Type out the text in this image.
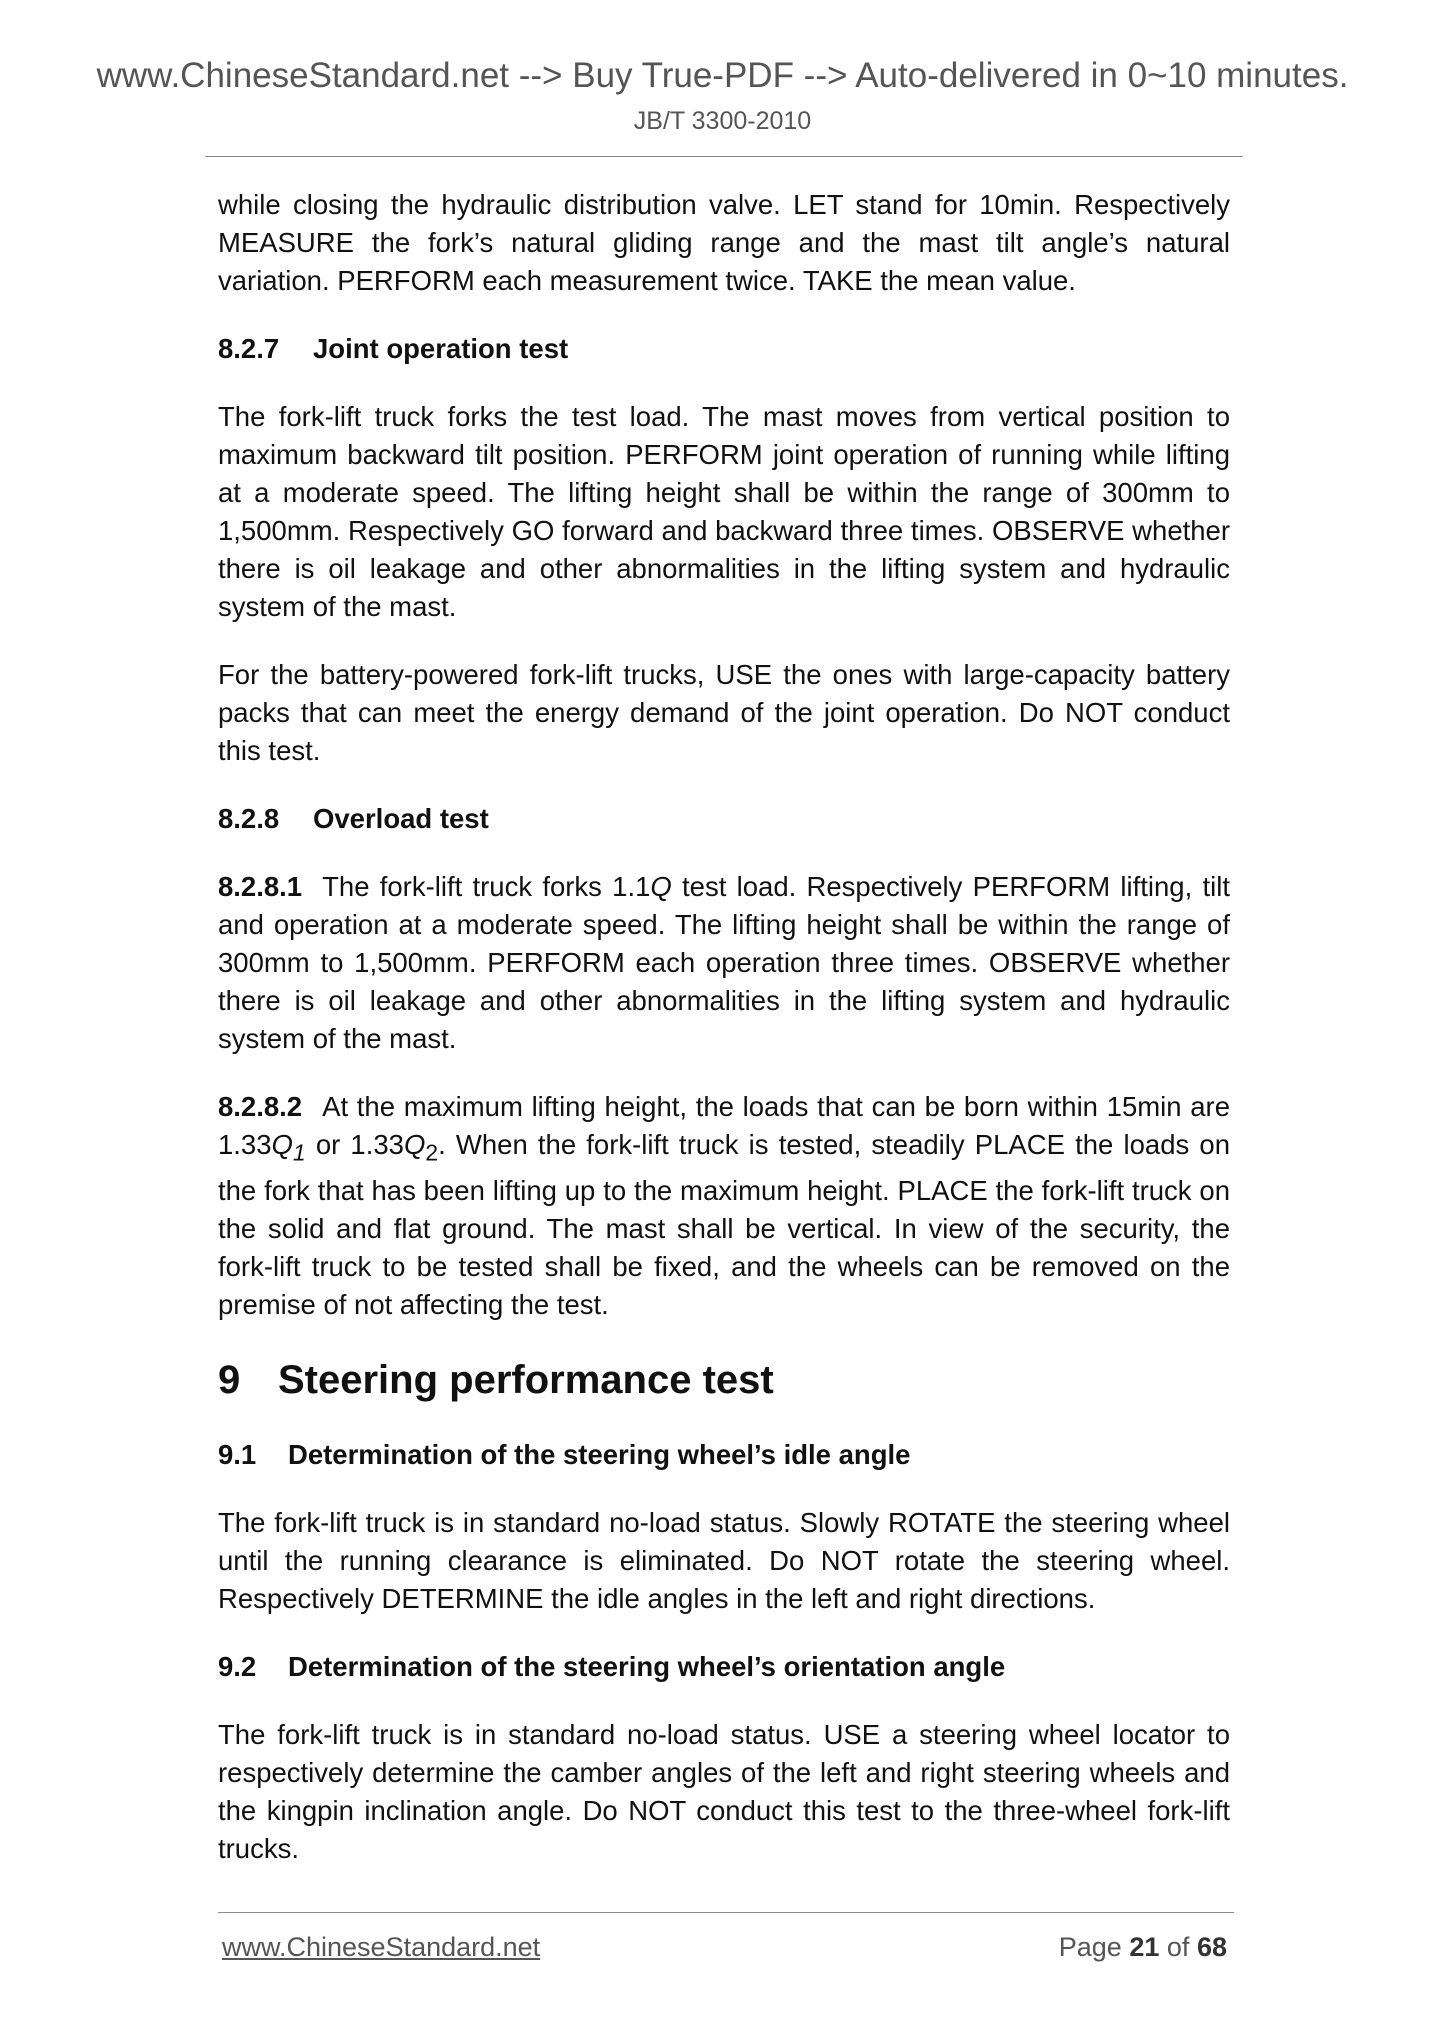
www.ChineseStandard.net --> Buy True-PDF --> Auto-delivered in 0~10 minutes.
JB/T 3300-2010

while closing the hydraulic distribution valve. LET stand for 10min. Respectively MEASURE the fork’s natural gliding range and the mast tilt angle’s natural variation. PERFORM each measurement twice. TAKE the mean value.

8.2.7 Joint operation test

The fork-lift truck forks the test load. The mast moves from vertical position to maximum backward tilt position. PERFORM joint operation of running while lifting at a moderate speed. The lifting height shall be within the range of 300mm to 1,500mm. Respectively GO forward and backward three times. OBSERVE whether there is oil leakage and other abnormalities in the lifting system and hydraulic system of the mast.

For the battery-powered fork-lift trucks, USE the ones with large-capacity battery packs that can meet the energy demand of the joint operation. Do NOT conduct this test.

8.2.8 Overload test

8.2.8.1 The fork-lift truck forks 1.1Q test load. Respectively PERFORM lifting, tilt and operation at a moderate speed. The lifting height shall be within the range of 300mm to 1,500mm. PERFORM each operation three times. OBSERVE whether there is oil leakage and other abnormalities in the lifting system and hydraulic system of the mast.

8.2.8.2 At the maximum lifting height, the loads that can be born within 15min are $1.33Q_1$ or $1.33Q_2$. When the fork-lift truck is tested, steadily PLACE the loads on the fork that has been lifting up to the maximum height. PLACE the fork-lift truck on the solid and flat ground. The mast shall be vertical. In view of the security, the fork-lift truck to be tested shall be fixed, and the wheels can be removed on the premise of not affecting the test.

9 Steering performance test
9.1 Determination of the steering wheel’s idle angle

The fork-lift truck is in standard no-load status. Slowly ROTATE the steering wheel until the running clearance is eliminated. Do NOT rotate the steering wheel. Respectively DETERMINE the idle angles in the left and right directions.

9.2 Determination of the steering wheel’s orientation angle

The fork-lift truck is in standard no-load status. USE a steering wheel locator to respectively determine the camber angles of the left and right steering wheels and the kingpin inclination angle. Do NOT conduct this test to the three-wheel fork-lift trucks.

www.ChineseStandard.net	Page 21 of 68
